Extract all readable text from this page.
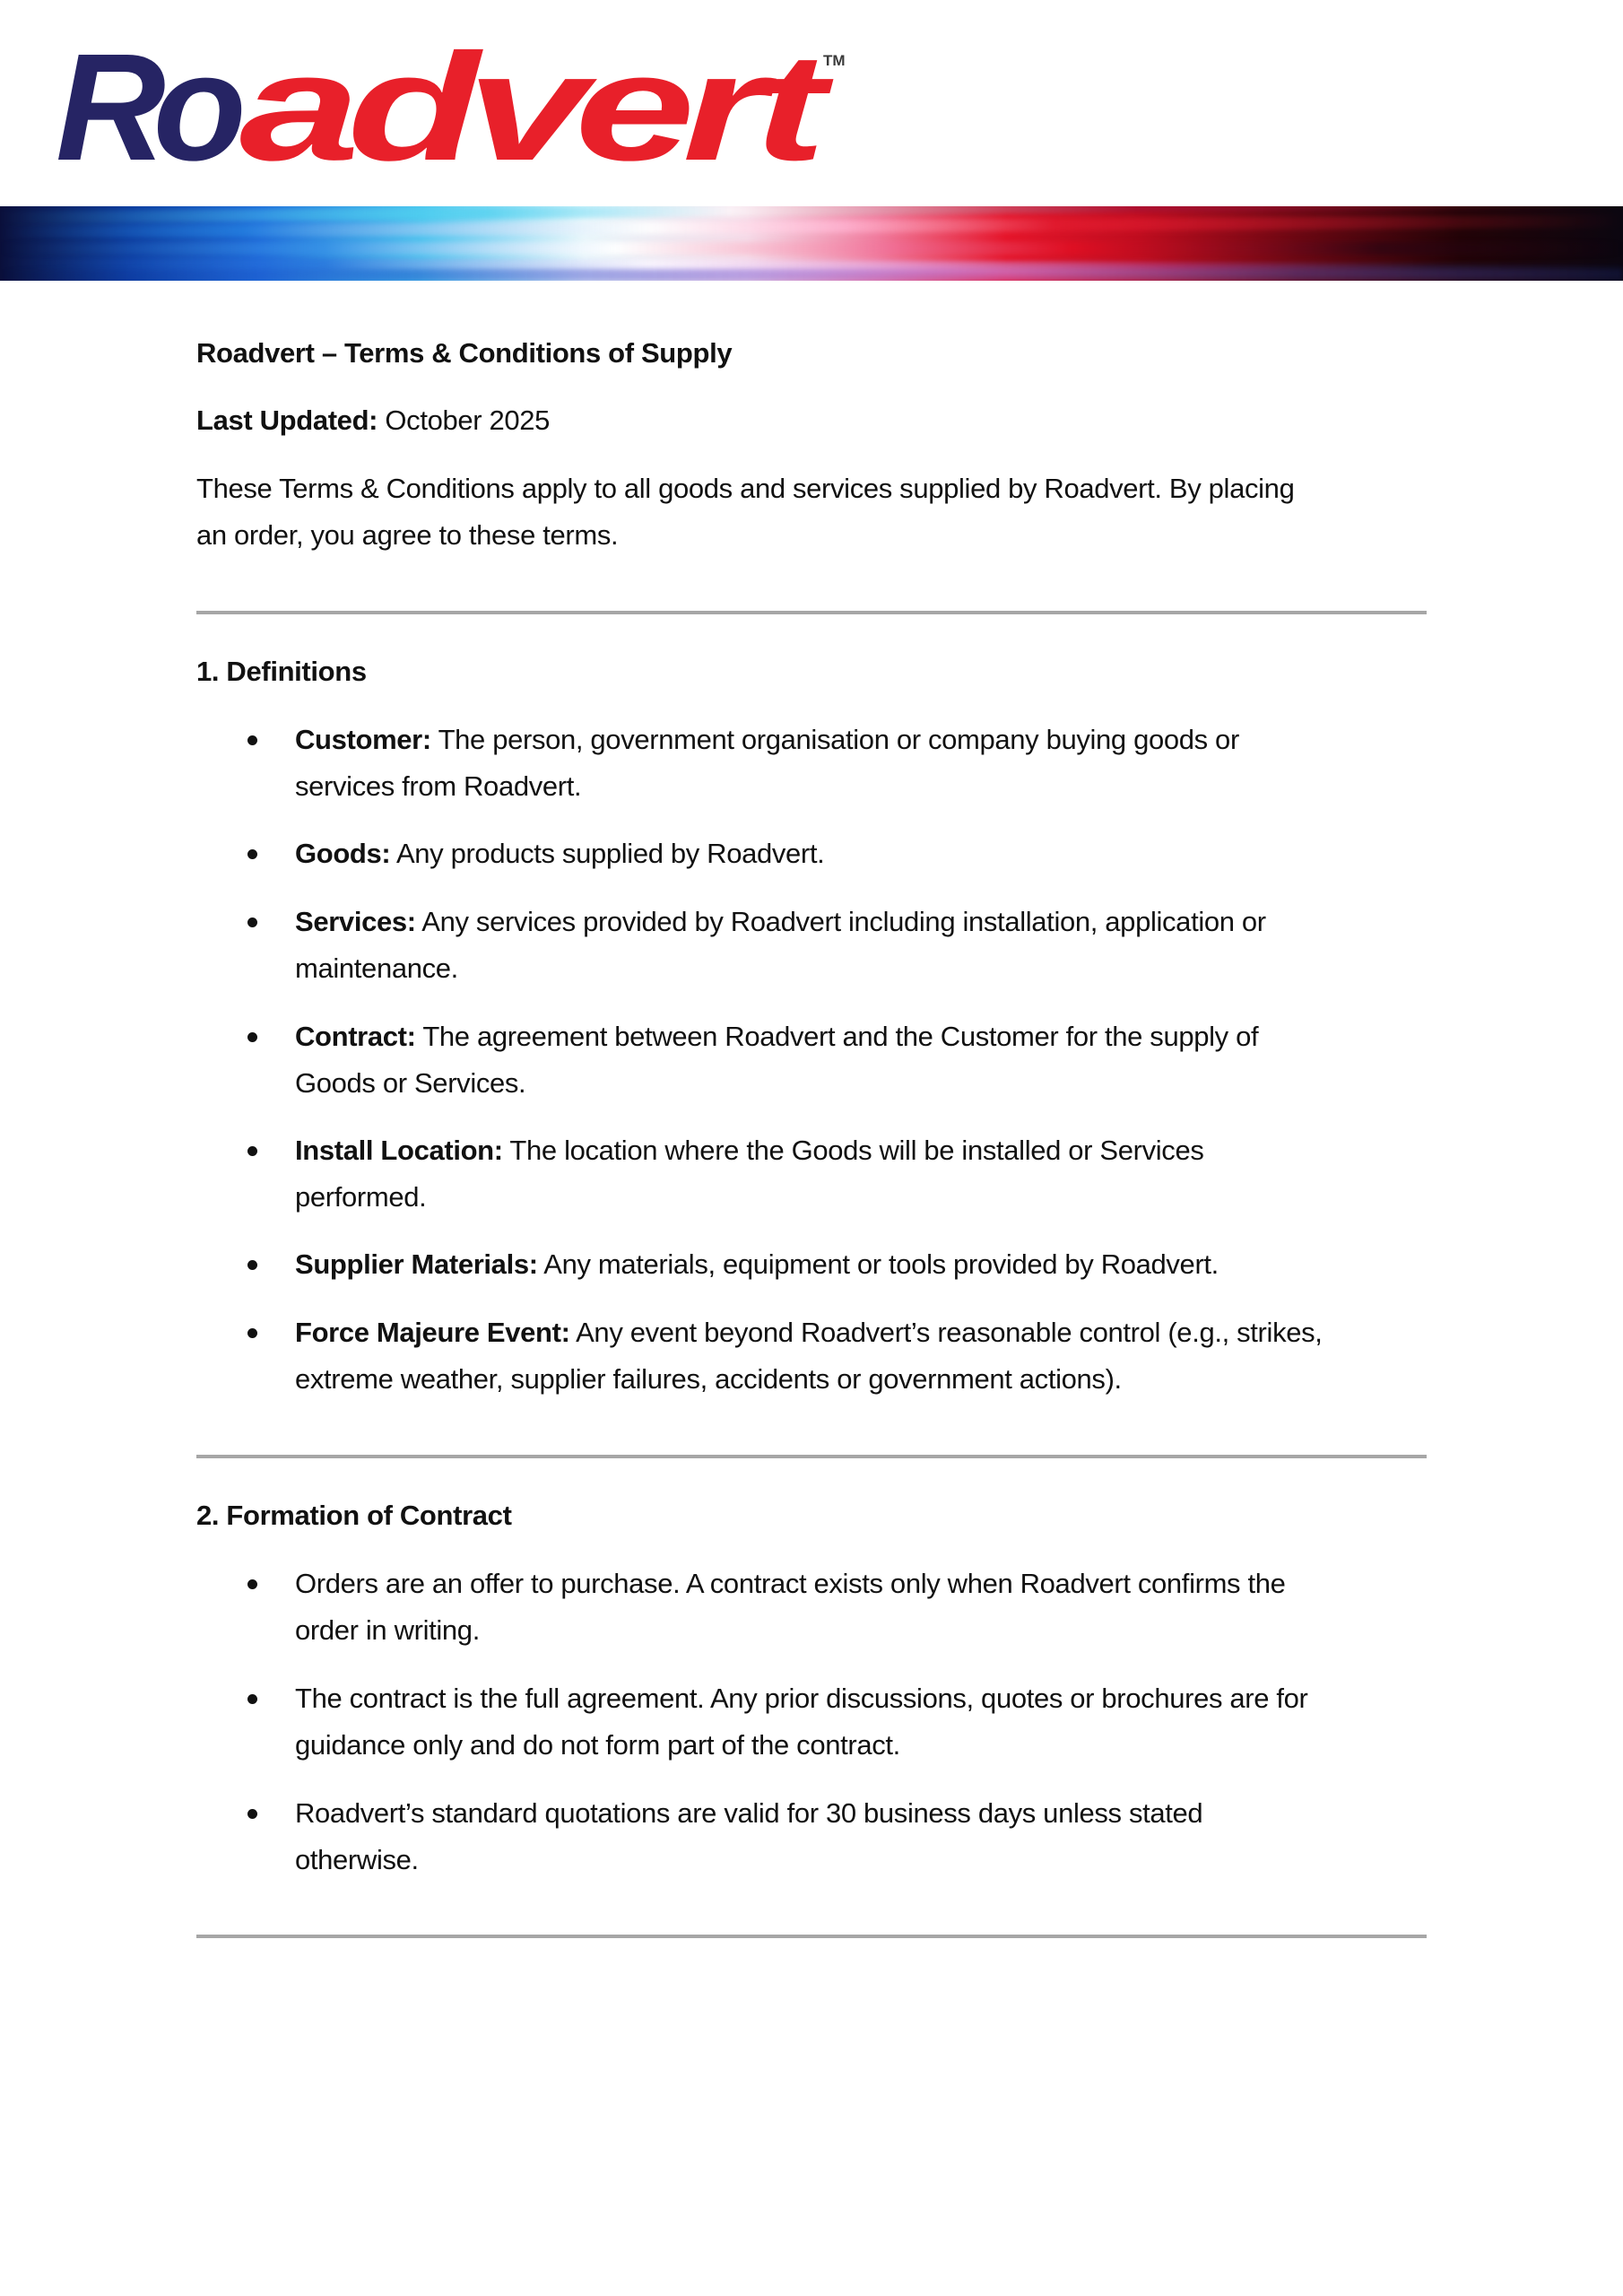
Ro advert
TM
Roadvert – Terms & Conditions of Supply
Last Updated: October 2025
These Terms & Conditions apply to all goods and services supplied by Roadvert. By placing
an order, you agree to these terms.
1. Definitions
Customer: The person, government organisation or company buying goods or
services from Roadvert.
Goods: Any products supplied by Roadvert.
Services: Any services provided by Roadvert including installation, application or
maintenance.
Contract: The agreement between Roadvert and the Customer for the supply of
Goods or Services.
Install Location: The location where the Goods will be installed or Services
performed.
Supplier Materials: Any materials, equipment or tools provided by Roadvert.
Force Majeure Event: Any event beyond Roadvert’s reasonable control (e.g., strikes,
extreme weather, supplier failures, accidents or government actions).
2. Formation of Contract
Orders are an offer to purchase. A contract exists only when Roadvert confirms the
order in writing.
The contract is the full agreement. Any prior discussions, quotes or brochures are for
guidance only and do not form part of the contract.
Roadvert’s standard quotations are valid for 30 business days unless stated
otherwise.
